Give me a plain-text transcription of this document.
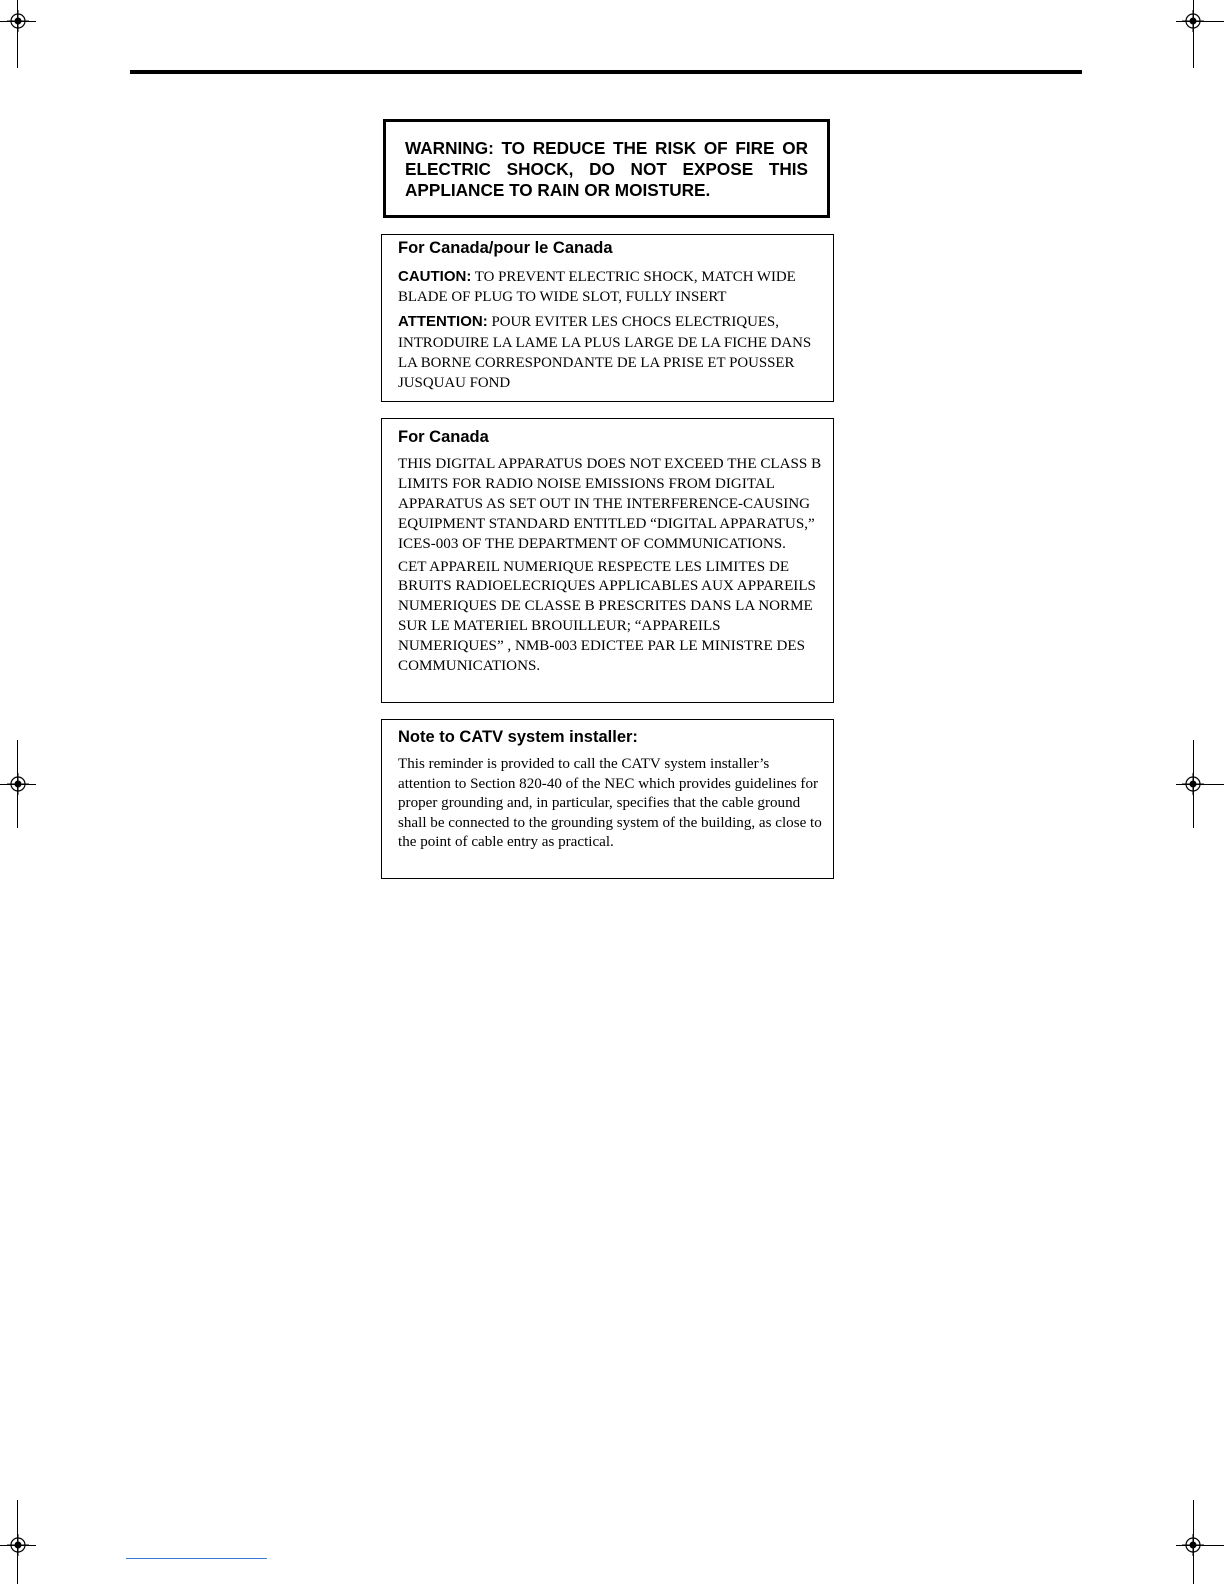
WARNING: TO REDUCE THE RISK OF FIRE OR ELECTRIC SHOCK, DO NOT EXPOSE THIS APPLIANCE TO RAIN OR MOISTURE.
For Canada/pour le Canada

CAUTION: TO PREVENT ELECTRIC SHOCK, MATCH WIDE BLADE OF PLUG TO WIDE SLOT, FULLY INSERT

ATTENTION: POUR EVITER LES CHOCS ELECTRIQUES, INTRODUIRE LA LAME LA PLUS LARGE DE LA FICHE DANS LA BORNE CORRESPONDANTE DE LA PRISE ET POUSSER JUSQUAU FOND

For Canada

THIS DIGITAL APPARATUS DOES NOT EXCEED THE CLASS B LIMITS FOR RADIO NOISE EMISSIONS FROM DIGITAL APPARATUS AS SET OUT IN THE INTERFERENCE-CAUSING EQUIPMENT STANDARD ENTITLED “DIGITAL APPARATUS,” ICES-003 OF THE DEPARTMENT OF COMMUNICATIONS.

CET APPAREIL NUMERIQUE RESPECTE LES LIMITES DE BRUITS RADIOELECRIQUES APPLICABLES AUX APPAREILS NUMERIQUES DE CLASSE B PRESCRITES DANS LA NORME SUR LE MATERIEL BROUILLEUR; “APPAREILS NUMERIQUES” , NMB-003 EDICTEE PAR LE MINISTRE DES COMMUNICATIONS.

Note to CATV system installer:

This reminder is provided to call the CATV system installer’s attention to Section 820-40 of the NEC which provides guidelines for proper grounding and, in particular, specifies that the cable ground shall be connected to the grounding system of the building, as close to the point of cable entry as practical.
